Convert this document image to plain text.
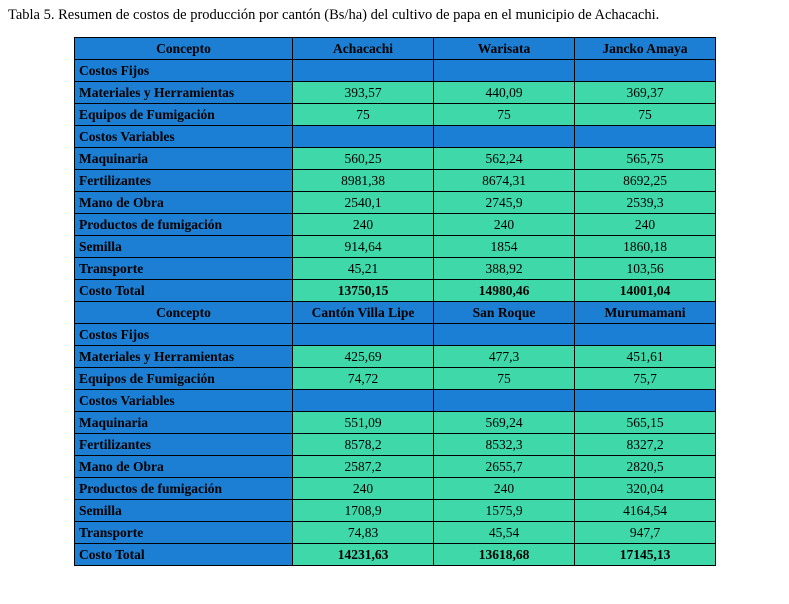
Tabla 5. Resumen de costos de producción por cantón (Bs/ha) del cultivo de papa en el municipio de Achacachi.
Concepto	Achacachi	Warisata	Jancko Amaya
Costos Fijos			
Materiales y Herramientas	393,57	440,09	369,37
Equipos de Fumigación	75	75	75
Costos Variables			
Maquinaria	560,25	562,24	565,75
Fertilizantes	8981,38	8674,31	8692,25
Mano de Obra	2540,1	2745,9	2539,3
Productos de fumigación	240	240	240
Semilla	914,64	1854	1860,18
Transporte	45,21	388,92	103,56
Costo Total	13750,15	14980,46	14001,04
Concepto	Cantón Villa Lipe	San Roque	Murumamani
Costos Fijos			
Materiales y Herramientas	425,69	477,3	451,61
Equipos de Fumigación	74,72	75	75,7
Costos Variables			
Maquinaria	551,09	569,24	565,15
Fertilizantes	8578,2	8532,3	8327,2
Mano de Obra	2587,2	2655,7	2820,5
Productos de fumigación	240	240	320,04
Semilla	1708,9	1575,9	4164,54
Transporte	74,83	45,54	947,7
Costo Total	14231,63	13618,68	17145,13
